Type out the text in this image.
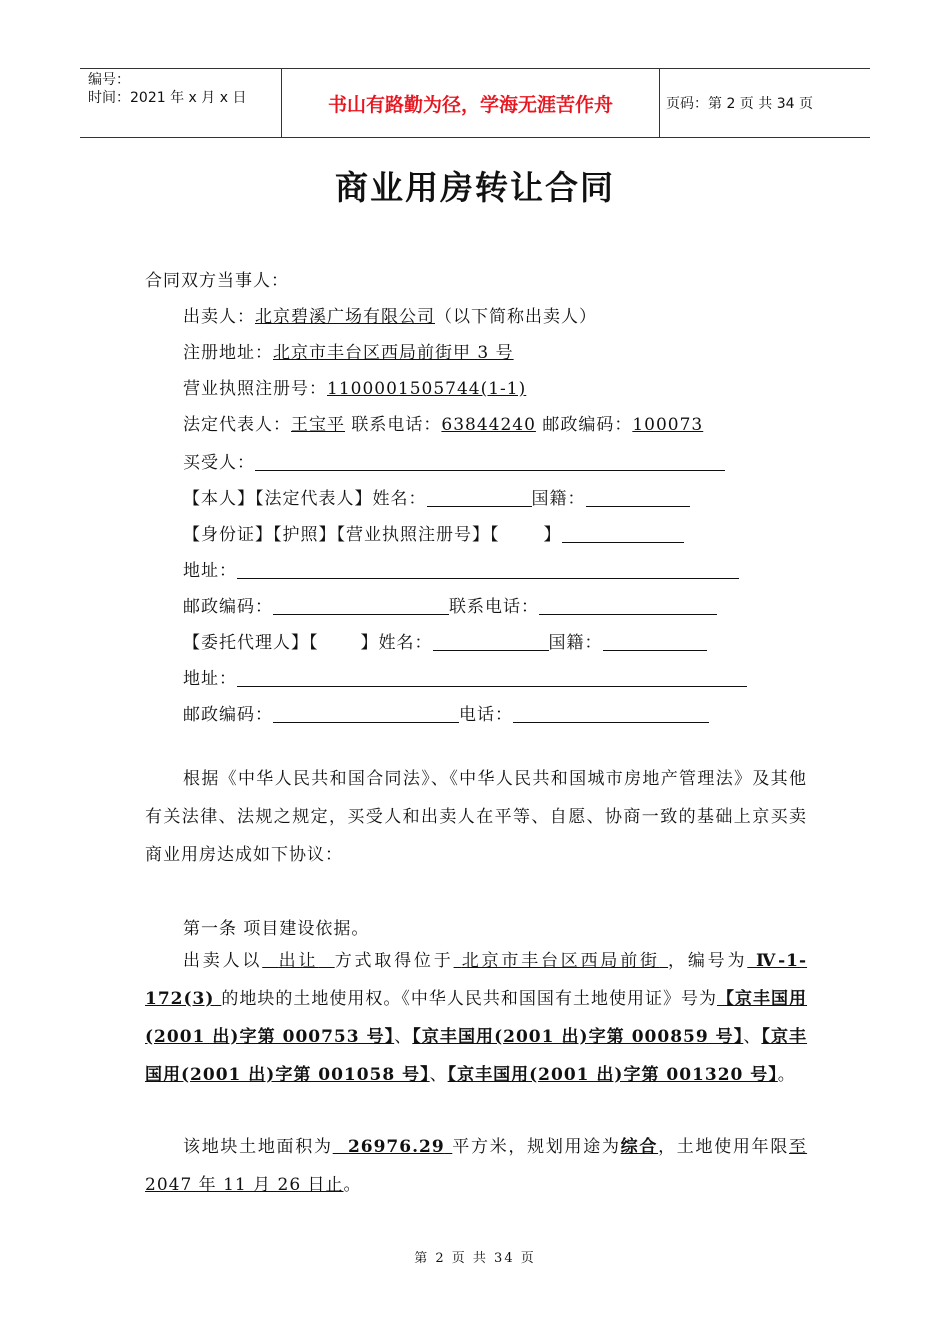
编号：
时间：2021 年 x 月 x 日	书山有路勤为径，学海无涯苦作舟	页码：第 2 页 共 34 页
商业用房转让合同
合同双方当事人：
出卖人：北京碧溪广场有限公司（以下简称出卖人）
注册地址：北京市丰台区西局前街甲 3 号
营业执照注册号：1100001505744(1-1)
法定代表人：王宝平 联系电话：63844240 邮政编码：100073
买受人：
【本人】【法定代表人】姓名：	国籍：
【身份证】【护照】【营业执照注册号】【	】
地址：
邮政编码：	联系电话：
【委托代理人】【 】姓名：	国籍：
地址：
邮政编码：	电话：
根据《中华人民共和国合同法》、《中华人民共和国城市房地产管理法》及其他有关法律、法规之规定，买受人和出卖人在平等、自愿、协商一致的基础上京买卖商业用房达成如下协议：
第一条 项目建设依据。
出卖人以 出让 方式取得位于 北京市丰台区西局前街 ，编号为 Ⅳ-1-172(3) 的地块的土地使用权。《中华人民共和国国有土地使用证》号为【京丰国用(2001 出)字第 000753 号】、【京丰国用(2001 出)字第 000859 号】、【京丰国用(2001 出)字第 001058 号】、【京丰国用(2001 出)字第 001320 号】。
该地块土地面积为 26976.29 平方米，规划用途为综合，土地使用年限至 2047 年 11 月 26 日止。
第 2 页 共 34 页
